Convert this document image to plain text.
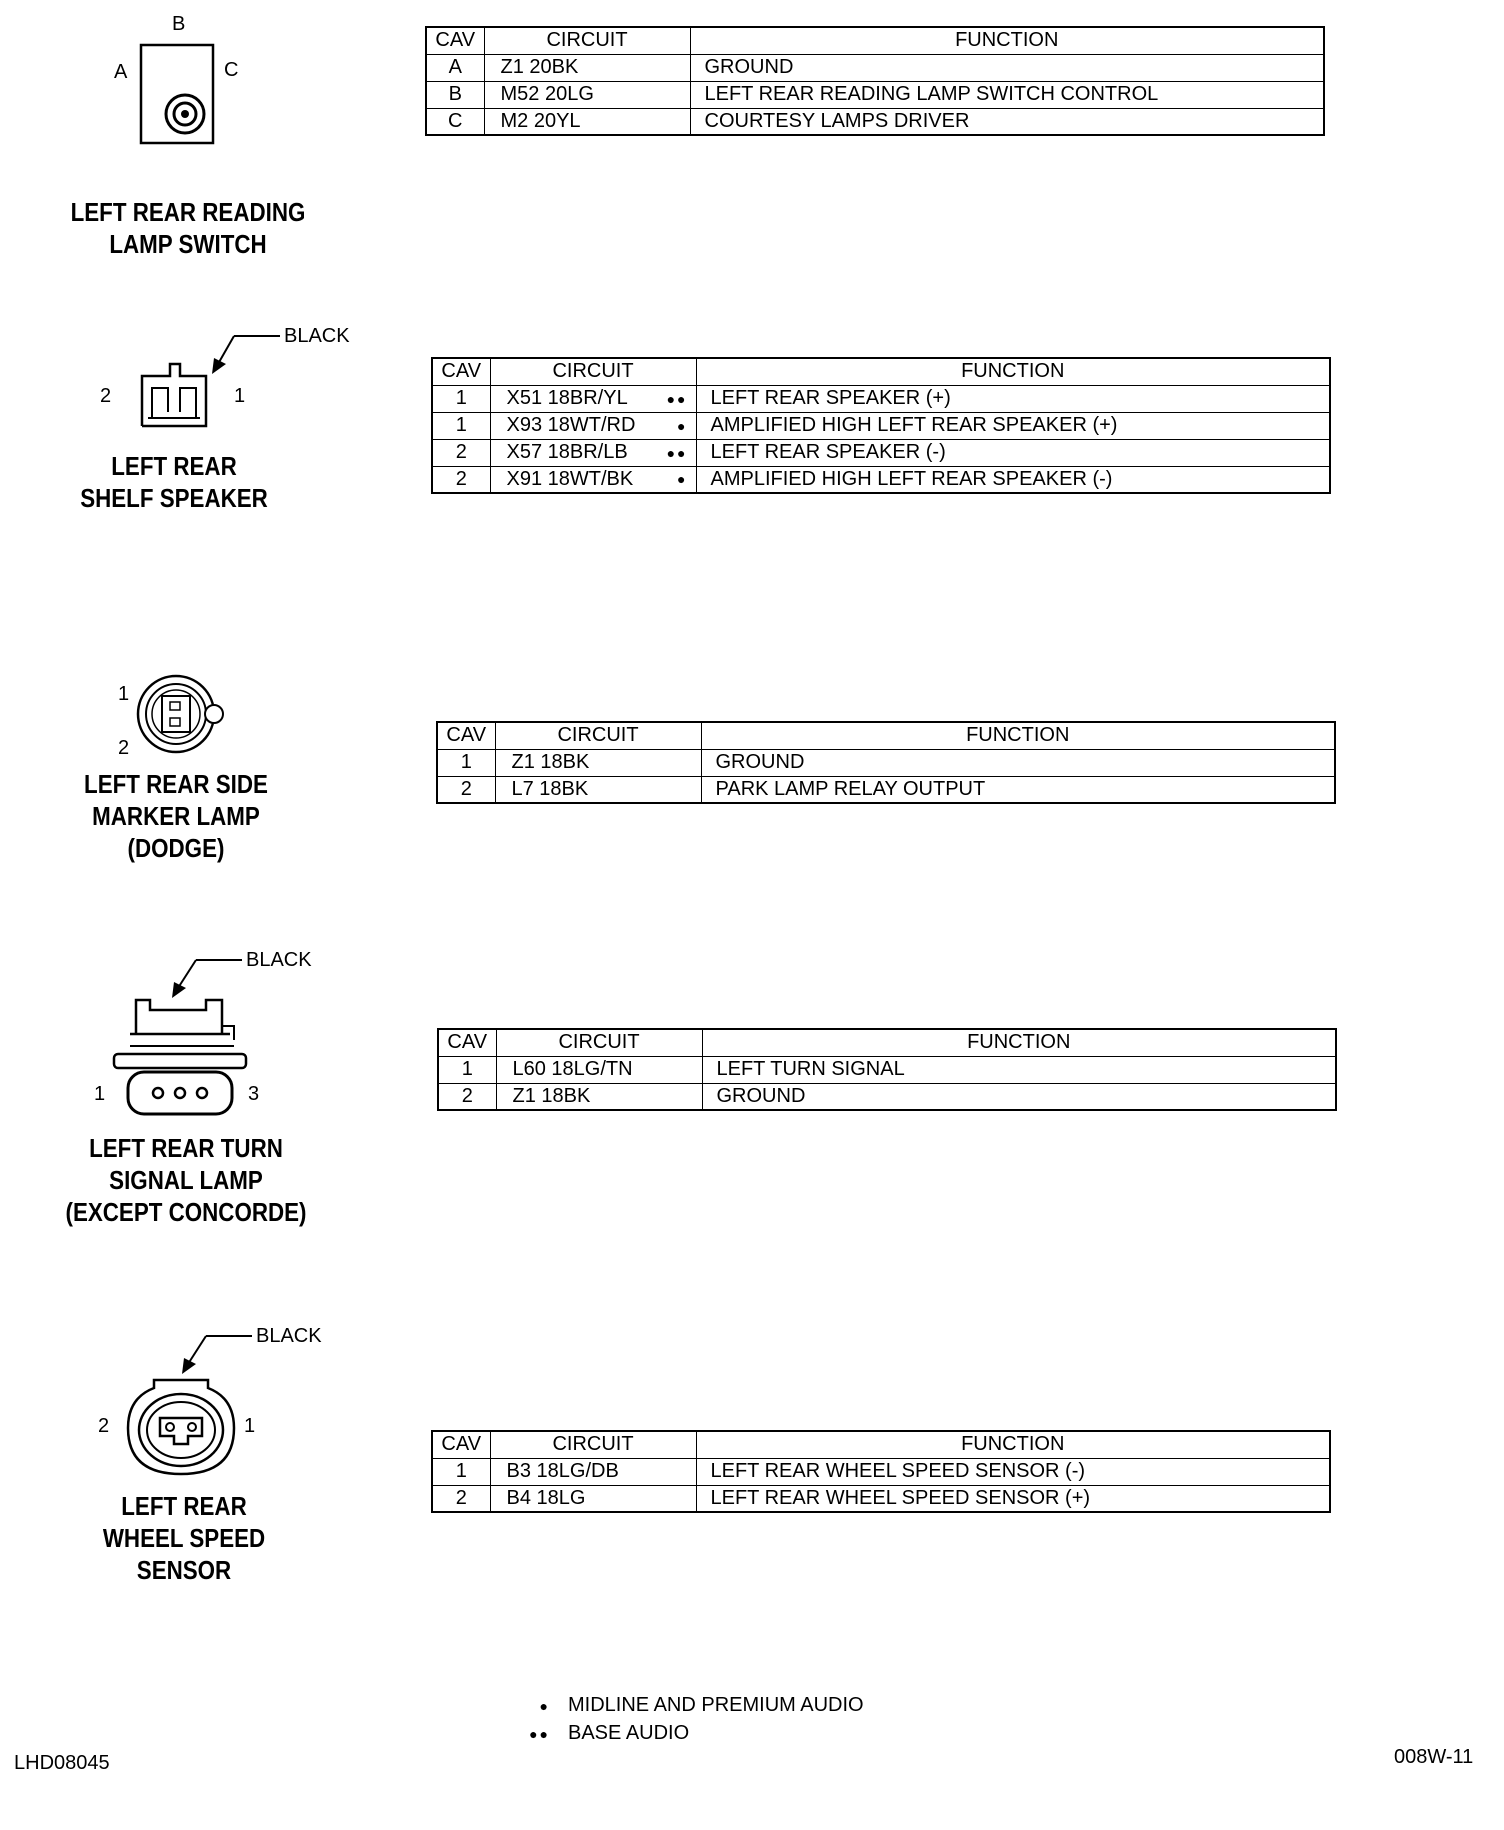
A
B
C
LEFT REAR READING
LAMP SWITCH
CAV	CIRCUIT	FUNCTION
A	Z1 20BK	GROUND
B	M52 20LG	LEFT REAR READING LAMP SWITCH CONTROL
C	M2 20YL	COURTESY LAMPS DRIVER
BLACK
2	1
LEFT REAR
SHELF SPEAKER
CAV	CIRCUIT	FUNCTION
1	X51 18BR/YL ●●	LEFT REAR SPEAKER (+)
1	X93 18WT/RD ●	AMPLIFIED HIGH LEFT REAR SPEAKER (+)
2	X57 18BR/LB ●●	LEFT REAR SPEAKER (-)
2	X91 18WT/BK ●	AMPLIFIED HIGH LEFT REAR SPEAKER (-)
1
2
LEFT REAR SIDE
MARKER LAMP
(DODGE)
CAV	CIRCUIT	FUNCTION
1	Z1 18BK	GROUND
2	L7 18BK	PARK LAMP RELAY OUTPUT
BLACK
1	3
LEFT REAR TURN
SIGNAL LAMP
(EXCEPT CONCORDE)
CAV	CIRCUIT	FUNCTION
1	L60 18LG/TN	LEFT TURN SIGNAL
2	Z1 18BK	GROUND
BLACK
2	1
LEFT REAR
WHEEL SPEED
SENSOR
CAV	CIRCUIT	FUNCTION
1	B3 18LG/DB	LEFT REAR WHEEL SPEED SENSOR (-)
2	B4 18LG	LEFT REAR WHEEL SPEED SENSOR (+)
● MIDLINE AND PREMIUM AUDIO
●● BASE AUDIO
LHD08045	008W-11
